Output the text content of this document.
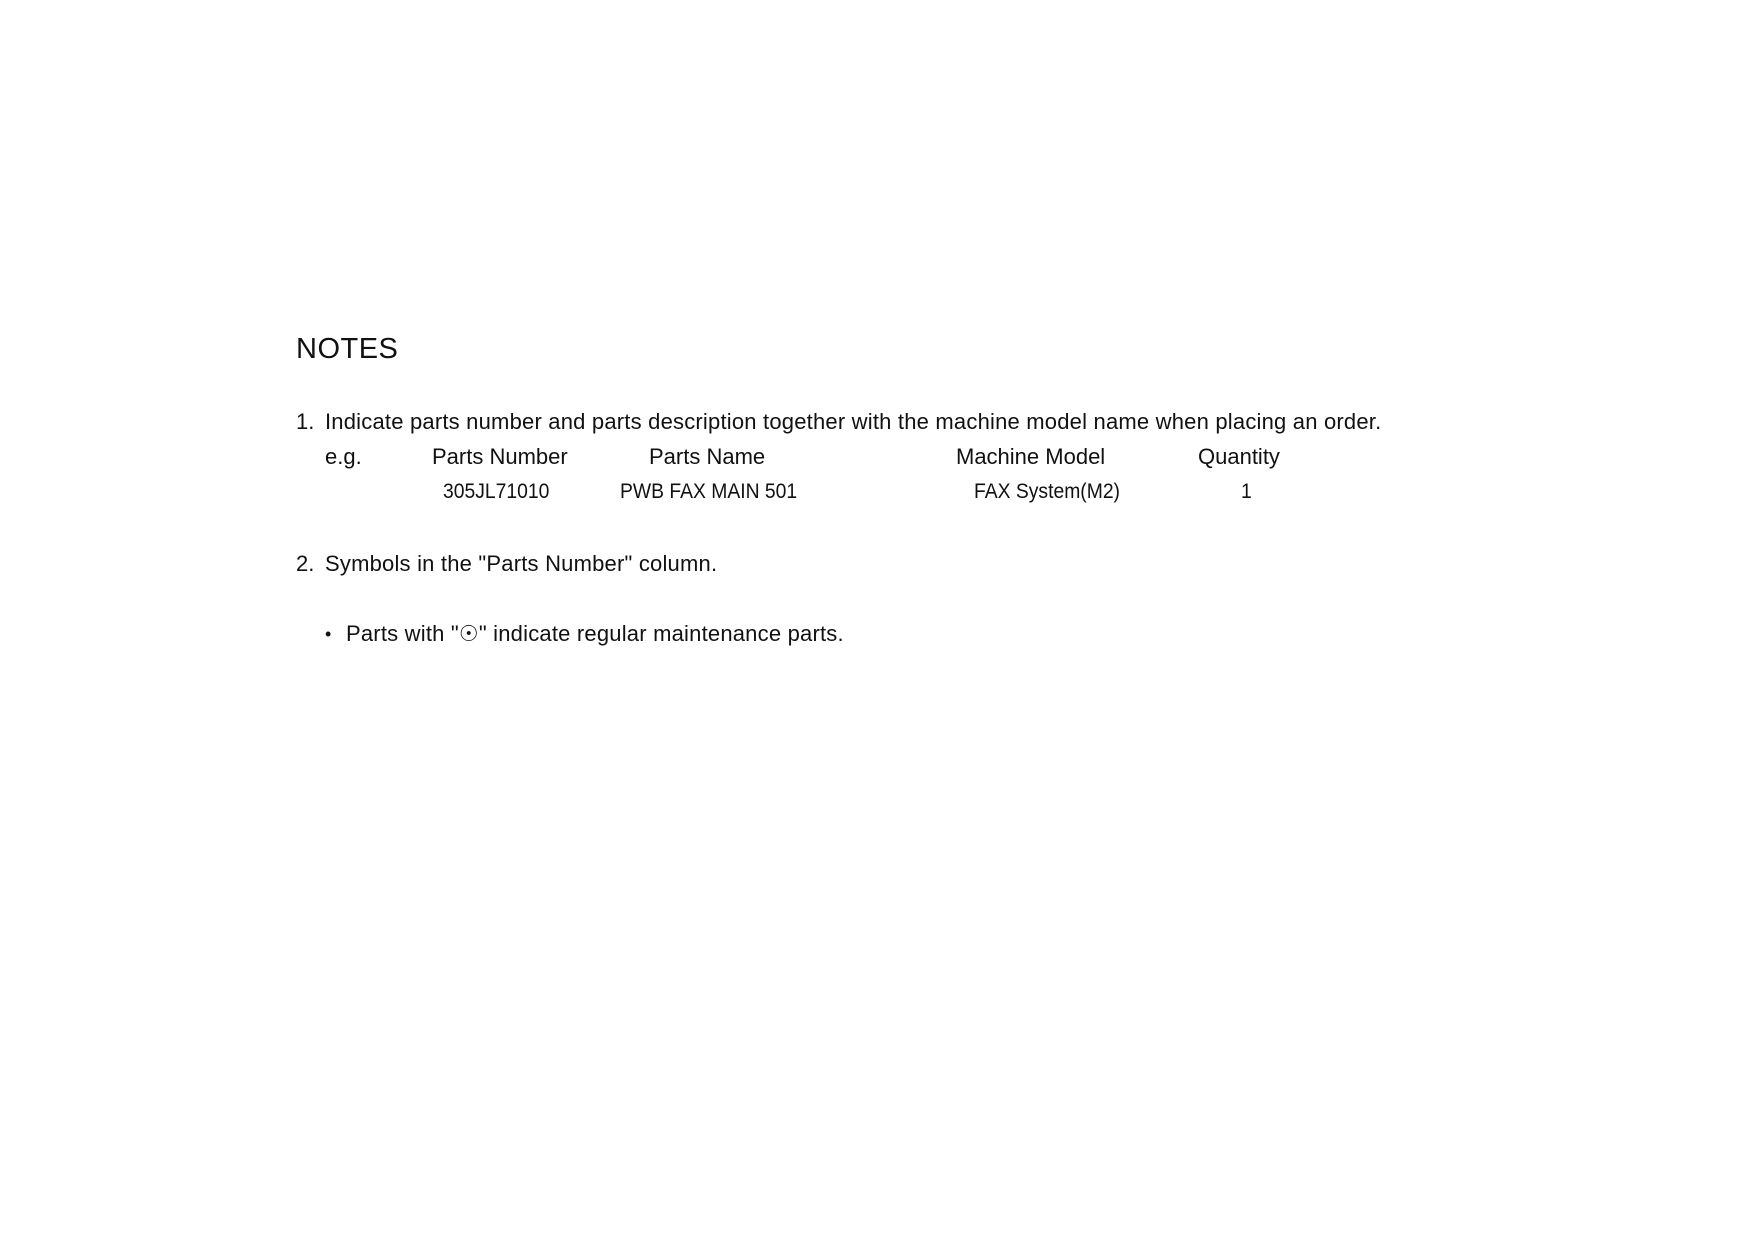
NOTES
1. Indicate parts number and parts description together with the machine model name when placing an order.
e.g.	Parts Number	Parts Name	Machine Model	Quantity
305JL71010	PWB FAX MAIN 501	FAX System(M2)	1
2. Symbols in the "Parts Number" column.
• Parts with "☉" indicate regular maintenance parts.
